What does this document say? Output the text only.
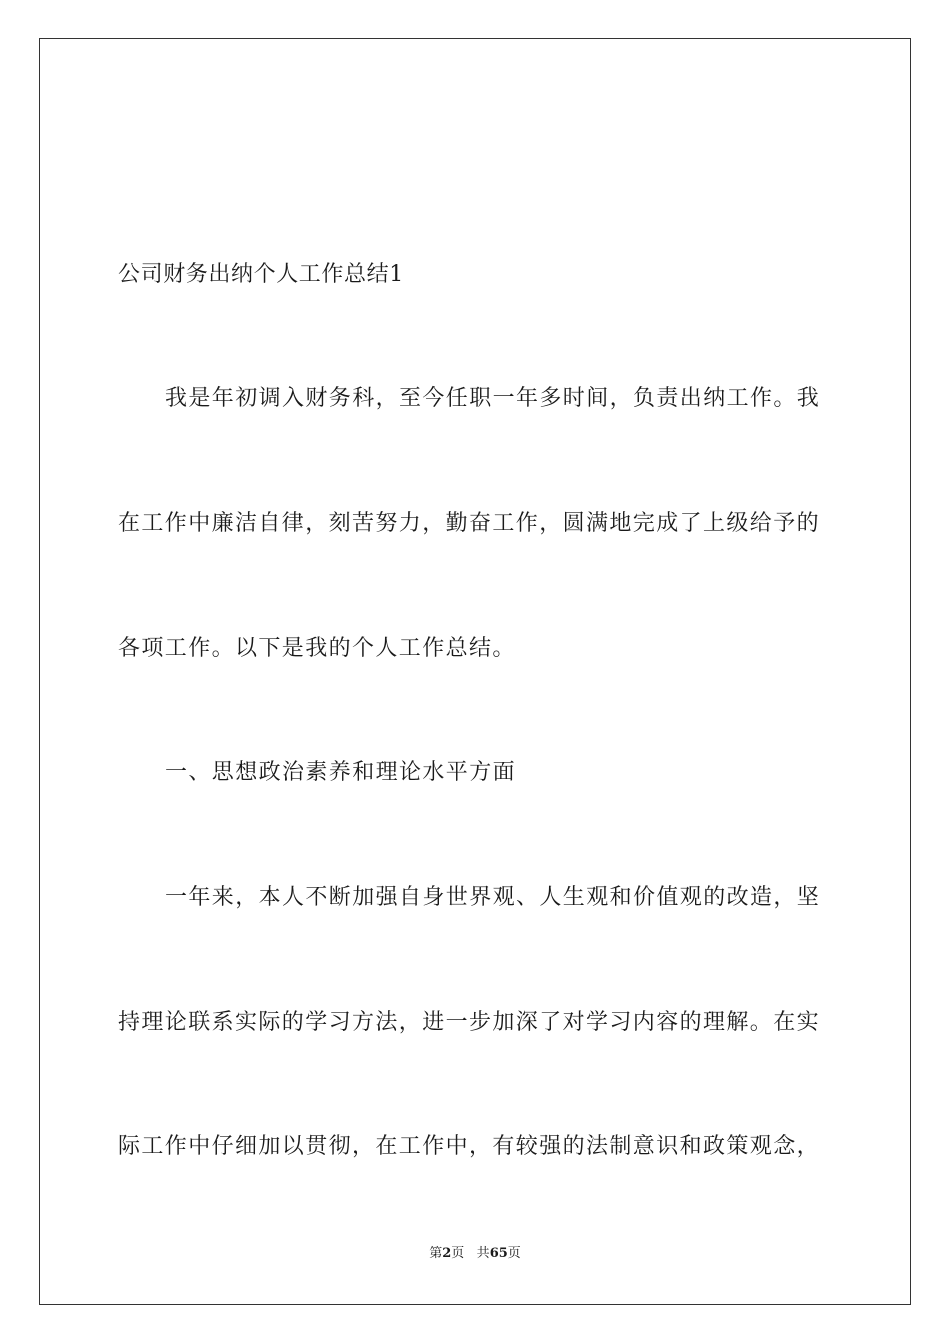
公司财务出纳个人工作总结1
我是年初调入财务科，至今任职一年多时间，负责出纳工作。我
在工作中廉洁自律，刻苦努力，勤奋工作，圆满地完成了上级给予的
各项工作。以下是我的个人工作总结。
一、思想政治素养和理论水平方面
一年来，本人不断加强自身世界观、人生观和价值观的改造，坚
持理论联系实际的学习方法，进一步加深了对学习内容的理解。在实
际工作中仔细加以贯彻，在工作中，有较强的法制意识和政策观念，
第2页 共65页
